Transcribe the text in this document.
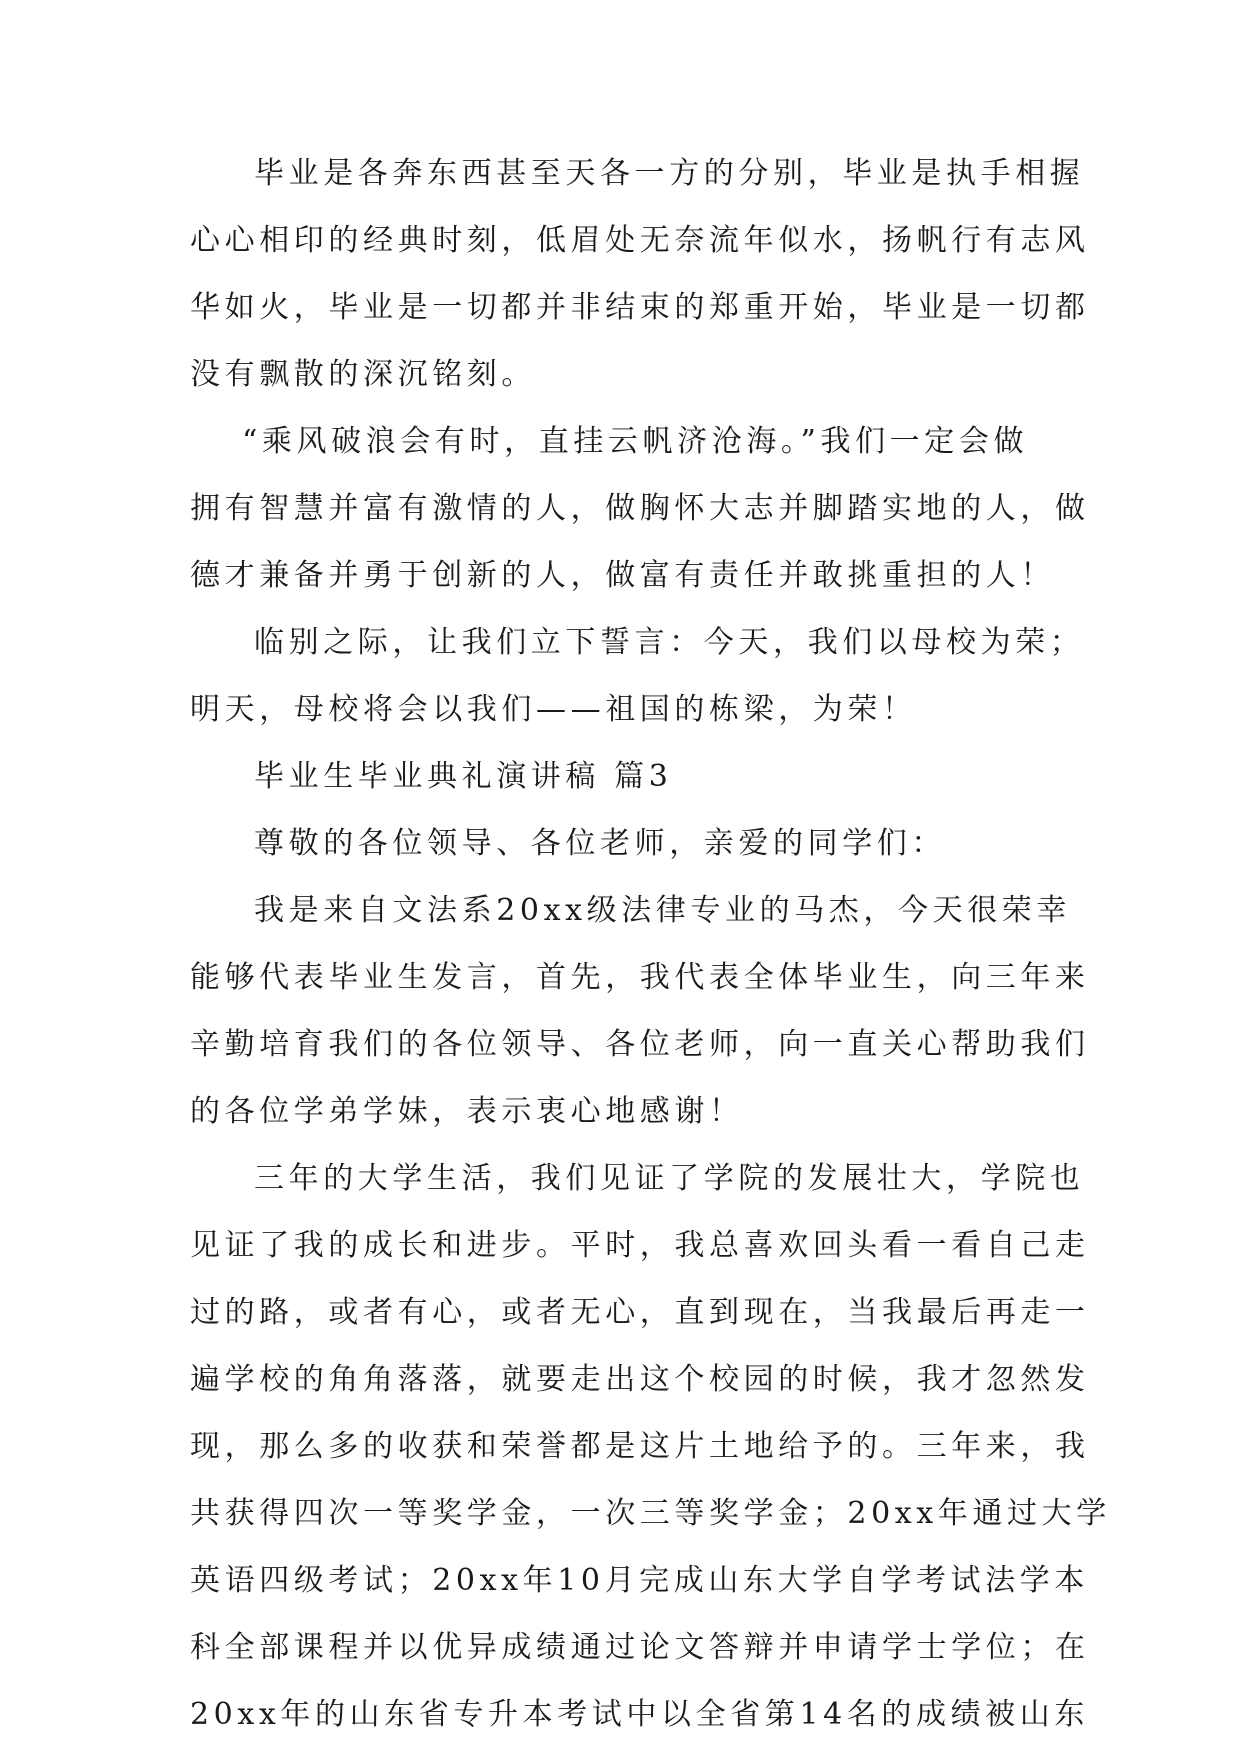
毕业是各奔东西甚至天各一方的分别，毕业是执手相握
心心相印的经典时刻，低眉处无奈流年似水，扬帆行有志风
华如火，毕业是一切都并非结束的郑重开始，毕业是一切都
没有飘散的深沉铭刻。
“乘风破浪会有时，直挂云帆济沧海。”我们一定会做
拥有智慧并富有激情的人，做胸怀大志并脚踏实地的人，做
德才兼备并勇于创新的人，做富有责任并敢挑重担的人！
临别之际，让我们立下誓言：今天，我们以母校为荣；
明天，母校将会以我们——祖国的栋梁，为荣！
毕业生毕业典礼演讲稿 篇3
尊敬的各位领导、各位老师，亲爱的同学们：
我是来自文法系20xx级法律专业的马杰，今天很荣幸
能够代表毕业生发言，首先，我代表全体毕业生，向三年来
辛勤培育我们的各位领导、各位老师，向一直关心帮助我们
的各位学弟学妹，表示衷心地感谢！
三年的大学生活，我们见证了学院的发展壮大，学院也
见证了我的成长和进步。平时，我总喜欢回头看一看自己走
过的路，或者有心，或者无心，直到现在，当我最后再走一
遍学校的角角落落，就要走出这个校园的时候，我才忽然发
现，那么多的收获和荣誉都是这片土地给予的。三年来，我
共获得四次一等奖学金，一次三等奖学金；20xx年通过大学
英语四级考试；20xx年10月完成山东大学自学考试法学本
科全部课程并以优异成绩通过论文答辩并申请学士学位；在
20xx年的山东省专升本考试中以全省第14名的成绩被山东
